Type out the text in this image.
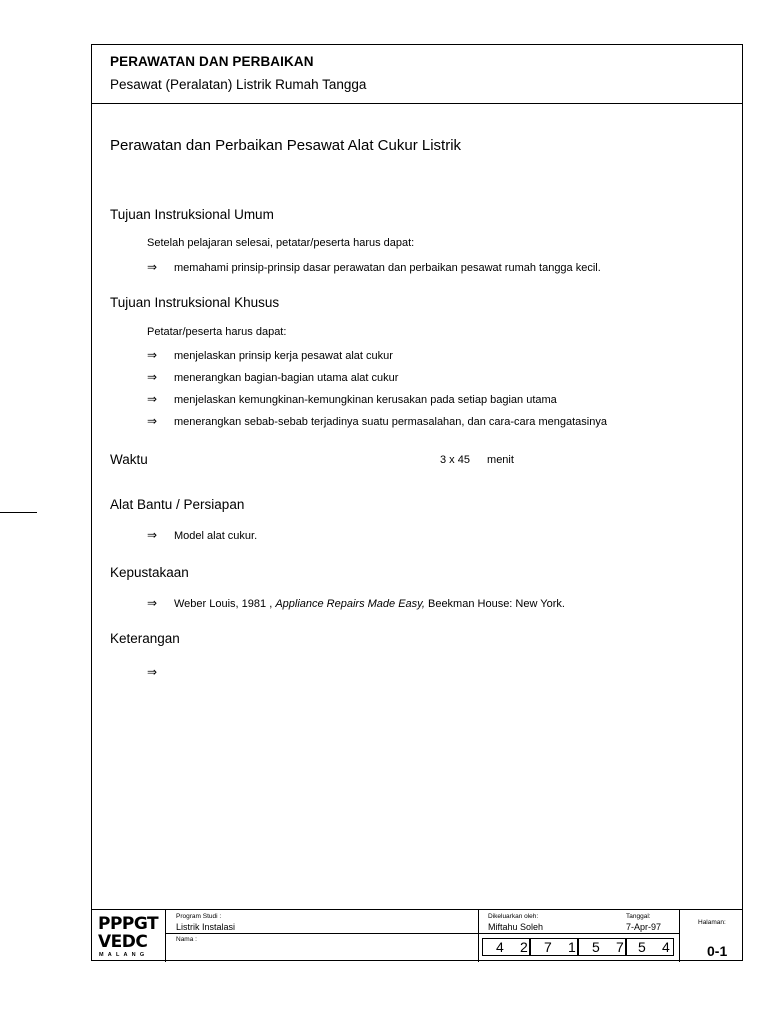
PERAWATAN DAN PERBAIKAN
Pesawat (Peralatan) Listrik Rumah Tangga
Perawatan dan Perbaikan Pesawat Alat Cukur Listrik
Tujuan Instruksional Umum
Setelah pelajaran selesai, petatar/peserta harus dapat:
⇒ memahami prinsip-prinsip dasar perawatan dan perbaikan pesawat rumah tangga kecil.
Tujuan Instruksional Khusus
Petatar/peserta harus dapat:
⇒ menjelaskan prinsip kerja pesawat alat cukur
⇒ menerangkan bagian-bagian utama alat cukur
⇒ menjelaskan kemungkinan-kemungkinan kerusakan pada setiap bagian utama
⇒ menerangkan sebab-sebab terjadinya suatu permasalahan, dan cara-cara mengatasinya
Waktu	3 x 45 menit
Alat Bantu / Persiapan
⇒ Model alat cukur.
Kepustakaan
⇒ Weber Louis, 1981 , Appliance Repairs Made Easy, Beekman House: New York.
Keterangan
⇒
PPPGT
VEDC
MALANG
Program Studi :
Listrik Instalasi
Nama :
Dikeluarkan oleh:
Miftahu Soleh
Tanggal:
7-Apr-97
4 2 7 1 5 7 5 4
Halaman:
0-1
